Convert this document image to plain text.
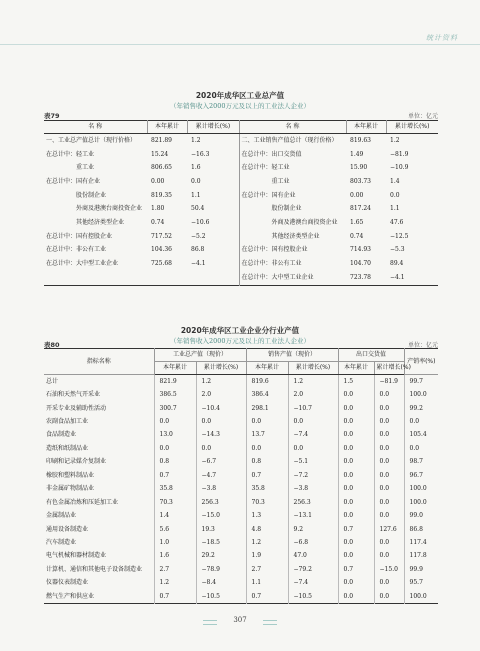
统计资料
2020年成华区工业总产值
（年销售收入2000万元及以上的工业法人企业）
表79	单位：亿元
名 称	本年累计	累计增长(%)	名 称	本年累计	累计增长(%)
一、工业总产值总计（现行价格）	821.89	1.2	二、工业销售产值总计（现行价格）	819.63	1.2
在总计中：轻工业	15.24	−16.3	在总计中：出口交货值	1.49	−81.9
　　　　　重工业	806.65	1.6	在总计中：轻工业	15.90	−10.9
在总计中：国有企业	0.00	0.0	　　　　　重工业	803.73	1.4
　　　　　股份制企业	819.35	1.1	在总计中：国有企业	0.00	0.0
　　　　　外商及港澳台商投资企业	1.80	50.4	　　　　　股份制企业	817.24	1.1
　　　　　其他经济类型企业	0.74	−10.6	　　　　　外商及港澳台商投资企业	1.65	47.6
在总计中：国有控股企业	717.52	−5.2	　　　　　其他经济类型企业	0.74	−12.5
在总计中：非公有工业	104.36	86.8	在总计中：国有控股企业	714.93	−5.3
在总计中：大中型工业企业	725.68	−4.1	在总计中：非公有工业	104.70	89.4
			在总计中：大中型工业企业	723.78	−4.1
2020年成华区工业企业分行业产值
（年销售收入2000万元及以上的工业法人企业）
表80	单位：亿元
指标名称	工业总产值（现价）		销售产值（现价）		出口交货值		产销率(%)
	本年累计	累计增长(%)	本年累计	累计增长(%)	本年累计	累计增长(%)	
总计	821.9	1.2	819.6	1.2	1.5	−81.9	99.7
石油和天然气开采业	386.5	2.0	386.4	2.0	0.0	0.0	100.0
开采专业及辅助性活动	300.7	−10.4	298.1	−10.7	0.0	0.0	99.2
农副食品加工业	0.0	0.0	0.0	0.0	0.0	0.0	0.0
食品制造业	13.0	−14.3	13.7	−7.4	0.0	0.0	105.4
造纸和纸制品业	0.0	0.0	0.0	0.0	0.0	0.0	0.0
印刷和记录媒介复制业	0.8	−6.7	0.8	−5.1	0.0	0.0	98.7
橡胶和塑料制品业	0.7	−4.7	0.7	−7.2	0.0	0.0	96.7
非金属矿物制品业	35.8	−3.8	35.8	−3.8	0.0	0.0	100.0
有色金属冶炼和压延加工业	70.3	256.3	70.3	256.3	0.0	0.0	100.0
金属制品业	1.4	−15.0	1.3	−13.1	0.0	0.0	99.0
通用设备制造业	5.6	19.3	4.8	9.2	0.7	127.6	86.8
汽车制造业	1.0	−18.5	1.2	−6.8	0.0	0.0	117.4
电气机械和器材制造业	1.6	29.2	1.9	47.0	0.0	0.0	117.8
计算机、通信和其他电子设备制造业	2.7	−78.9	2.7	−79.2	0.7	−15.0	99.9
仪器仪表制造业	1.2	−8.4	1.1	−7.4	0.0	0.0	95.7
燃气生产和供应业	0.7	−10.5	0.7	−10.5	0.0	0.0	100.0
307
